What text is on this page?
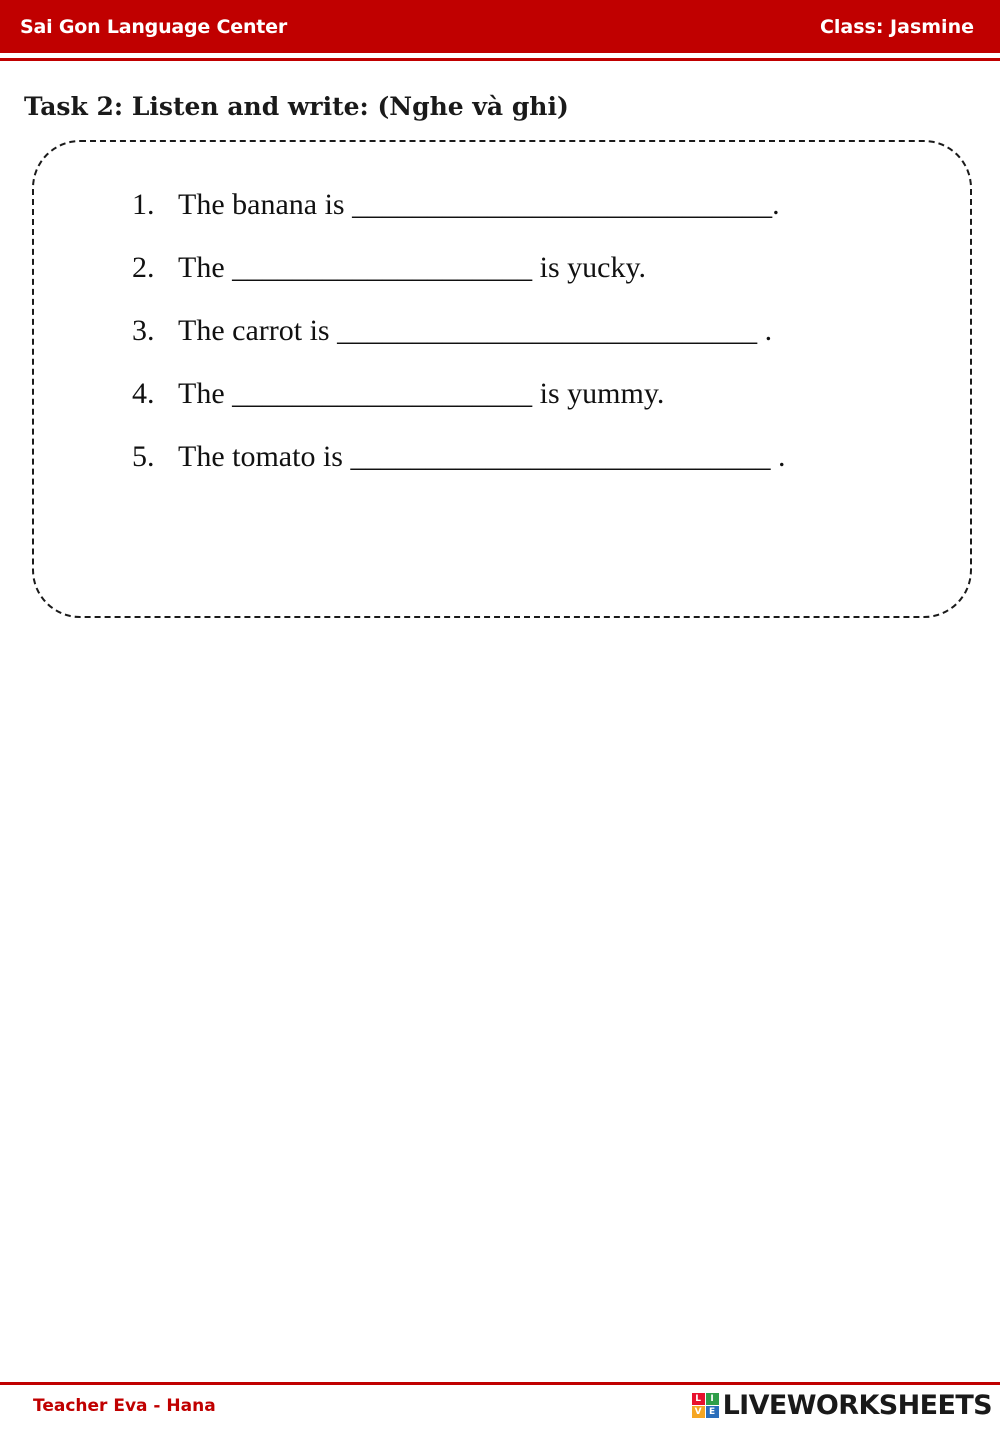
Sai Gon Language Center	Class: Jasmine
Task 2: Listen and write: (Nghe và ghi)
1. The banana is ____________________________.
2. The ____________________ is yucky.
3. The carrot is ____________________________ .
4. The ____________________ is yummy.
5. The tomato is ____________________________ .
Teacher Eva - Hana	L	I
V E LIVEWORKSHEETS
